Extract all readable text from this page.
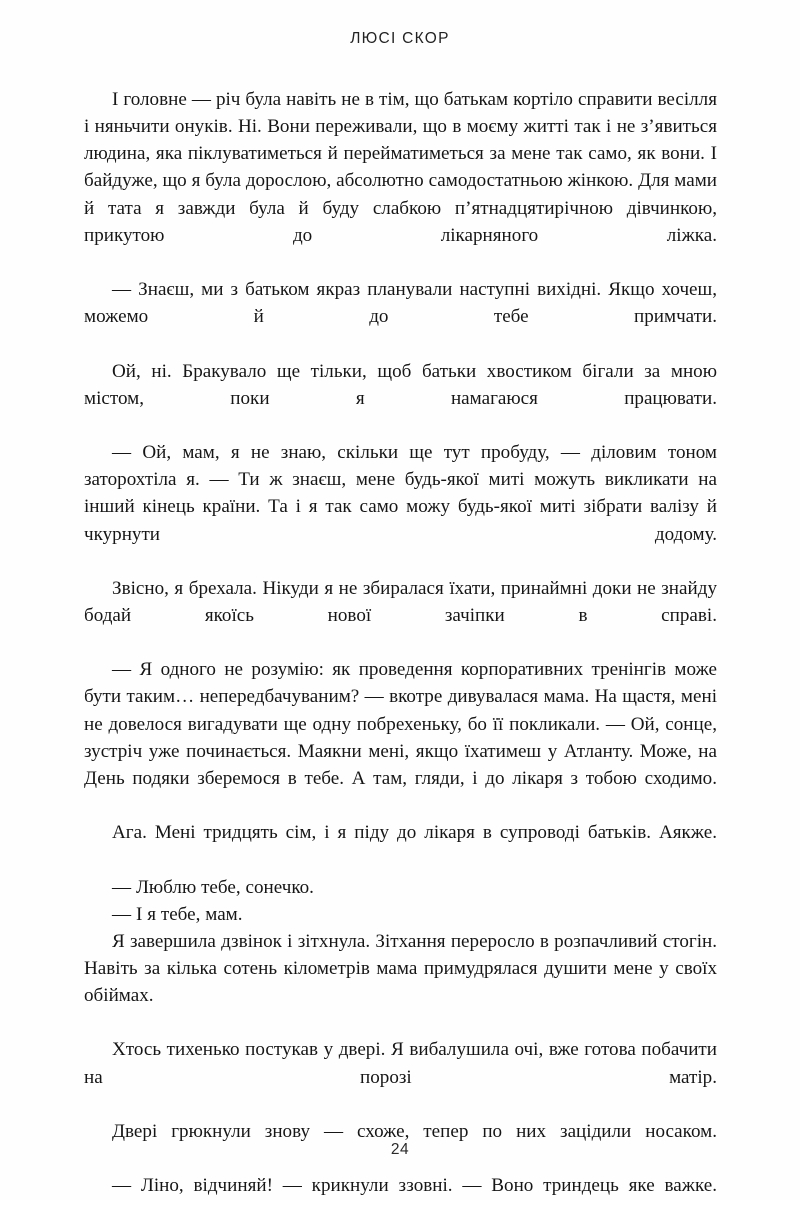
ЛЮСІ СКОР

І головне — річ була навіть не в тім, що батькам кортіло справити весілля і няньчити онуків. Ні. Вони переживали, що в моєму житті так і не з’явиться людина, яка піклуватиметься й перейматиметься за мене так само, як вони. І байдуже, що я була дорослою, абсолютно самодостатньою жінкою. Для мами й тата я завжди була й буду слабкою п’ятнадцятирічною дівчинкою, прикутою до лікарняного ліжка.

— Знаєш, ми з батьком якраз планували наступні вихідні. Якщо хочеш, можемо й до тебе примчати.

Ой, ні. Бракувало ще тільки, щоб батьки хвостиком бігали за мною містом, поки я намагаюся працювати.

— Ой, мам, я не знаю, скільки ще тут пробуду, — діловим тоном заторохтіла я. — Ти ж знаєш, мене будь-якої миті можуть викликати на інший кінець країни. Та і я так само можу будь-якої миті зібрати валізу й чкурнути додому.

Звісно, я брехала. Нікуди я не збиралася їхати, принаймні доки не знайду бодай якоїсь нової зачіпки в справі.

— Я одного не розумію: як проведення корпоративних тренінгів може бути таким… непередбачуваним? — вкотре дивувалася мама. На щастя, мені не довелося вигадувати ще одну побрехеньку, бо її покликали. — Ой, сонце, зустріч уже починається. Маякни мені, якщо їхатимеш у Атланту. Може, на День подяки зберемося в тебе. А там, гляди, і до лікаря з тобою сходимо.

Ага. Мені тридцять сім, і я піду до лікаря в супроводі батьків. Аякже.

— Люблю тебе, сонечко.

— І я тебе, мам.

Я завершила дзвінок і зітхнула. Зітхання переросло в розпачливий стогін. Навіть за кілька сотень кілометрів мама примудрялася душити мене у своїх обіймах.

Хтось тихенько постукав у двері. Я вибалушила очі, вже готова побачити на порозі матір.

Двері грюкнули знову — схоже, тепер по них зацідили носаком.

— Ліно, відчиняй! — крикнули ззовні. — Воно триндець яке важке.

24
